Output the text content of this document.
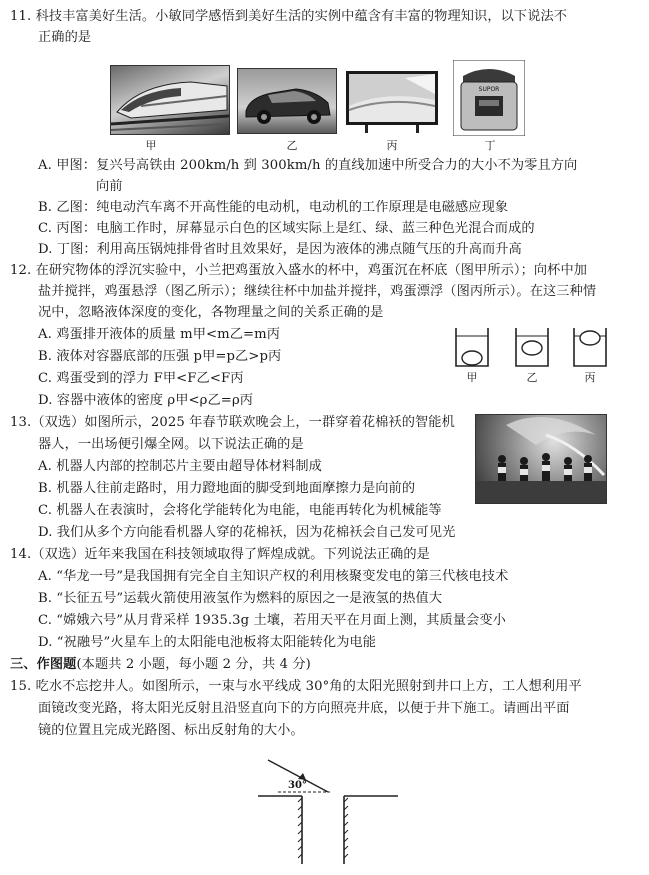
11. 科技丰富美好生活。小敏同学感悟到美好生活的实例中蕴含有丰富的物理知识，以下说法不
正确的是
甲	乙	丙
SUPOR
丁
A. 甲图：复兴号高铁由 200km/h 到 300km/h 的直线加速中所受合力的大小不为零且方向
向前
B. 乙图：纯电动汽车离不开高性能的电动机，电动机的工作原理是电磁感应现象
C. 丙图：电脑工作时，屏幕显示白色的区域实际上是红、绿、蓝三种色光混合而成的
D. 丁图：利用高压锅炖排骨省时且效果好，是因为液体的沸点随气压的升高而升高
12. 在研究物体的浮沉实验中，小兰把鸡蛋放入盛水的杯中，鸡蛋沉在杯底（图甲所示）；向杯中加
盐并搅拌，鸡蛋悬浮（图乙所示）；继续往杯中加盐并搅拌，鸡蛋漂浮（图丙所示）。在这三种情
况中，忽略液体深度的变化，各物理量之间的关系正确的是
A. 鸡蛋排开液体的质量 m甲<m乙=m丙
B. 液体对容器底部的压强 p甲=p乙>p丙
C. 鸡蛋受到的浮力 F甲<F乙<F丙
D. 容器中液体的密度 ρ甲<ρ乙=ρ丙
甲	乙	丙
13.（双选）如图所示，2025 年春节联欢晚会上，一群穿着花棉袄的智能机
器人，一出场便引爆全网。以下说法正确的是
A. 机器人内部的控制芯片主要由超导体材料制成
B. 机器人往前走路时，用力蹬地面的脚受到地面摩擦力是向前的
C. 机器人在表演时，会将化学能转化为电能，电能再转化为机械能等
D. 我们从多个方向能看机器人穿的花棉袄，因为花棉袄会自己发可见光
14.（双选）近年来我国在科技领域取得了辉煌成就。下列说法正确的是
A. “华龙一号”是我国拥有完全自主知识产权的利用核聚变发电的第三代核电技术
B. “长征五号”运载火箭使用液氢作为燃料的原因之一是液氢的热值大
C. “嫦娥六号”从月背采样 1935.3g 土壤，若用天平在月面上测，其质量会变小
D. “祝融号”火星车上的太阳能电池板将太阳能转化为电能
三、作图题(本题共 2 小题，每小题 2 分，共 4 分)
15. 吃水不忘挖井人。如图所示，一束与水平线成 30°角的太阳光照射到井口上方，工人想利用平
面镜改变光路，将太阳光反射且沿竖直向下的方向照亮井底，以便于井下施工。请画出平面
镜的位置且完成光路图、标出反射角的大小。
30°
